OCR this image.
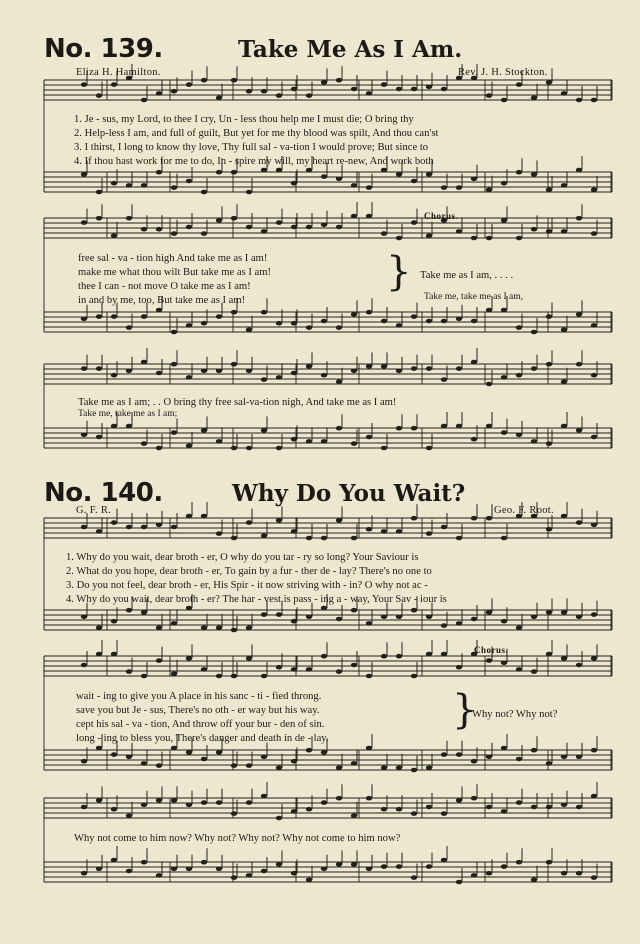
No. 139.	Take Me As I Am.
Eliza H. Hamilton.	Rev. J. H. Stockton.
1. Je - sus, my Lord, to thee I cry, Un - less thou help me I must die; O bring thy
2. Help-less I am, and full of guilt, But yet for me thy blood was spilt, And thou can'st
3. I thirst, I long to know thy love, Thy full sal - va-tion I would prove; But since to
4. If thou hast work for me to do, In - spire my will, my heart re-new, And work both
free sal - va - tion high And take me as I am!
make me what thou wilt But take me as I am!
thee I can - not move O take me as I am!
in and by me, too, But take me as I am!
}
Chorus.
Take me as I am, . . . .
Take me, take me as I am,
Take me as I am; . . O bring thy free sal-va-tion nigh, And take me as I am!
Take me, take me as I am;
No. 140.	Why Do You Wait?
G. F. R.	Geo. F. Root.
1. Why do you wait, dear broth - er, O why do you tar - ry so long? Your Saviour is
2. What do you hope, dear broth - er, To gain by a fur - ther de - lay? There's no one to
3. Do you not feel, dear broth - er, His Spir - it now striving with - in? O why not ac -
4. Why do you wait, dear broth - er? The har - vest is pass - ing a - way, Your Sav - iour is
wait - ing to give you A place in his sanc - ti - fied throng.
save you but Je - sus, There's no oth - er way but his way.
cept his sal - va - tion, And throw off your bur - den of sin.
long - ing to bless you, There's danger and death in de - lay.
}
Chorus.
Why not? Why not?
Why not come to him now? Why not? Why not? Why not come to him now?
